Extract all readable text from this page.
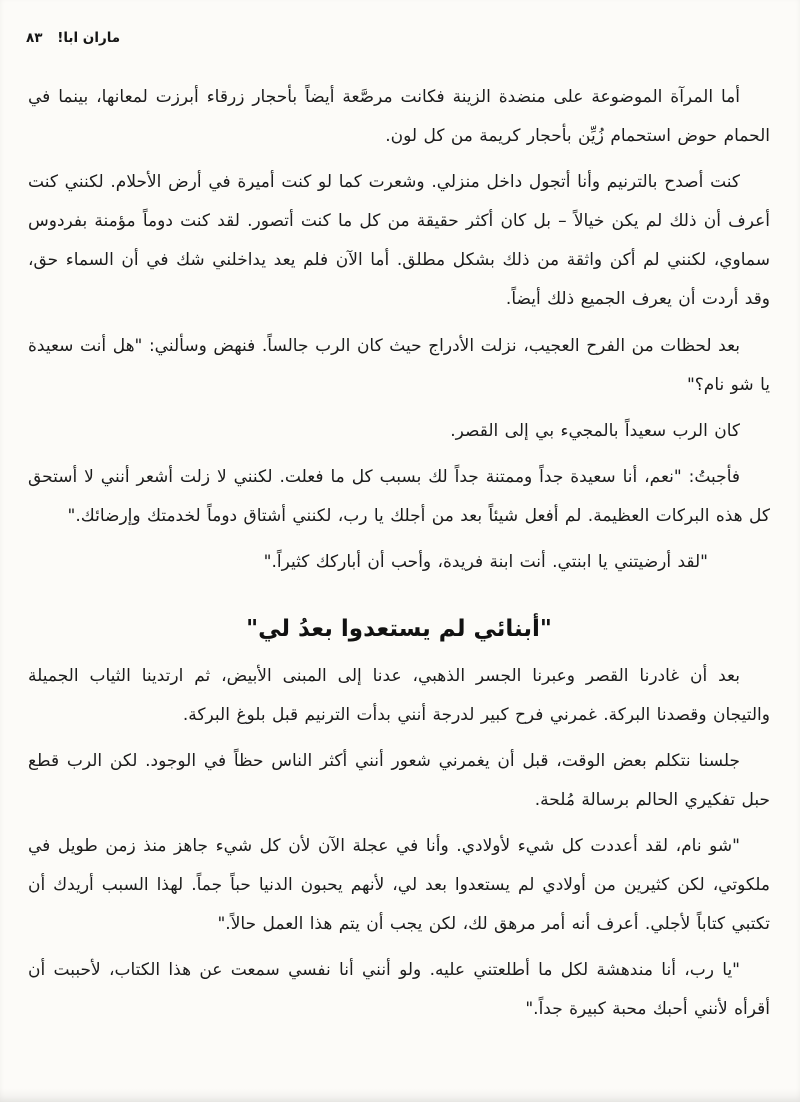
ماران ابا! ٨٣

أما المرآة الموضوعة على منضدة الزينة فكانت مرصَّعة أيضاً بأحجار زرقاء أبرزت لمعانها، بينما في الحمام حوض استحمام زُيِّن بأحجار كريمة من كل لون.

كنت أصدح بالترنيم وأنا أتجول داخل منزلي. وشعرت كما لو كنت أميرة في أرض الأحلام. لكنني كنت أعرف أن ذلك لم يكن خيالاً – بل كان أكثر حقيقة من كل ما كنت أتصور. لقد كنت دوماً مؤمنة بفردوس سماوي، لكنني لم أكن واثقة من ذلك بشكل مطلق. أما الآن فلم يعد يداخلني شك في أن السماء حق، وقد أردت أن يعرف الجميع ذلك أيضاً.

بعد لحظات من الفرح العجيب، نزلت الأدراج حيث كان الرب جالساً. فنهض وسألني: "هل أنت سعيدة يا شو نام؟"

كان الرب سعيداً بالمجيء بي إلى القصر.

فأجبتُ: "نعم، أنا سعيدة جداً وممتنة جداً لك بسبب كل ما فعلت. لكنني لا زلت أشعر أنني لا أستحق كل هذه البركات العظيمة. لم أفعل شيئاً بعد من أجلك يا رب، لكنني أشتاق دوماً لخدمتك وإرضائك."

"لقد أرضيتني يا ابنتي. أنت ابنة فريدة، وأحب أن أباركك كثيراً."

"أبنائي لم يستعدوا بعدُ لي"

بعد أن غادرنا القصر وعبرنا الجسر الذهبي، عدنا إلى المبنى الأبيض، ثم ارتدينا الثياب الجميلة والتيجان وقصدنا البركة. غمرني فرح كبير لدرجة أنني بدأت الترنيم قبل بلوغ البركة.

جلسنا نتكلم بعض الوقت، قبل أن يغمرني شعور أنني أكثر الناس حظاً في الوجود. لكن الرب قطع حبل تفكيري الحالم برسالة مُلحة.

"شو نام، لقد أعددت كل شيء لأولادي. وأنا في عجلة الآن لأن كل شيء جاهز منذ زمن طويل في ملكوتي، لكن كثيرين من أولادي لم يستعدوا بعد لي، لأنهم يحبون الدنيا حباً جماً. لهذا السبب أريدك أن تكتبي كتاباً لأجلي. أعرف أنه أمر مرهق لك، لكن يجب أن يتم هذا العمل حالاً."

"يا رب، أنا مندهشة لكل ما أطلعتني عليه. ولو أنني أنا نفسي سمعت عن هذا الكتاب، لأحببت أن أقرأه لأنني أحبك محبة كبيرة جداً."
